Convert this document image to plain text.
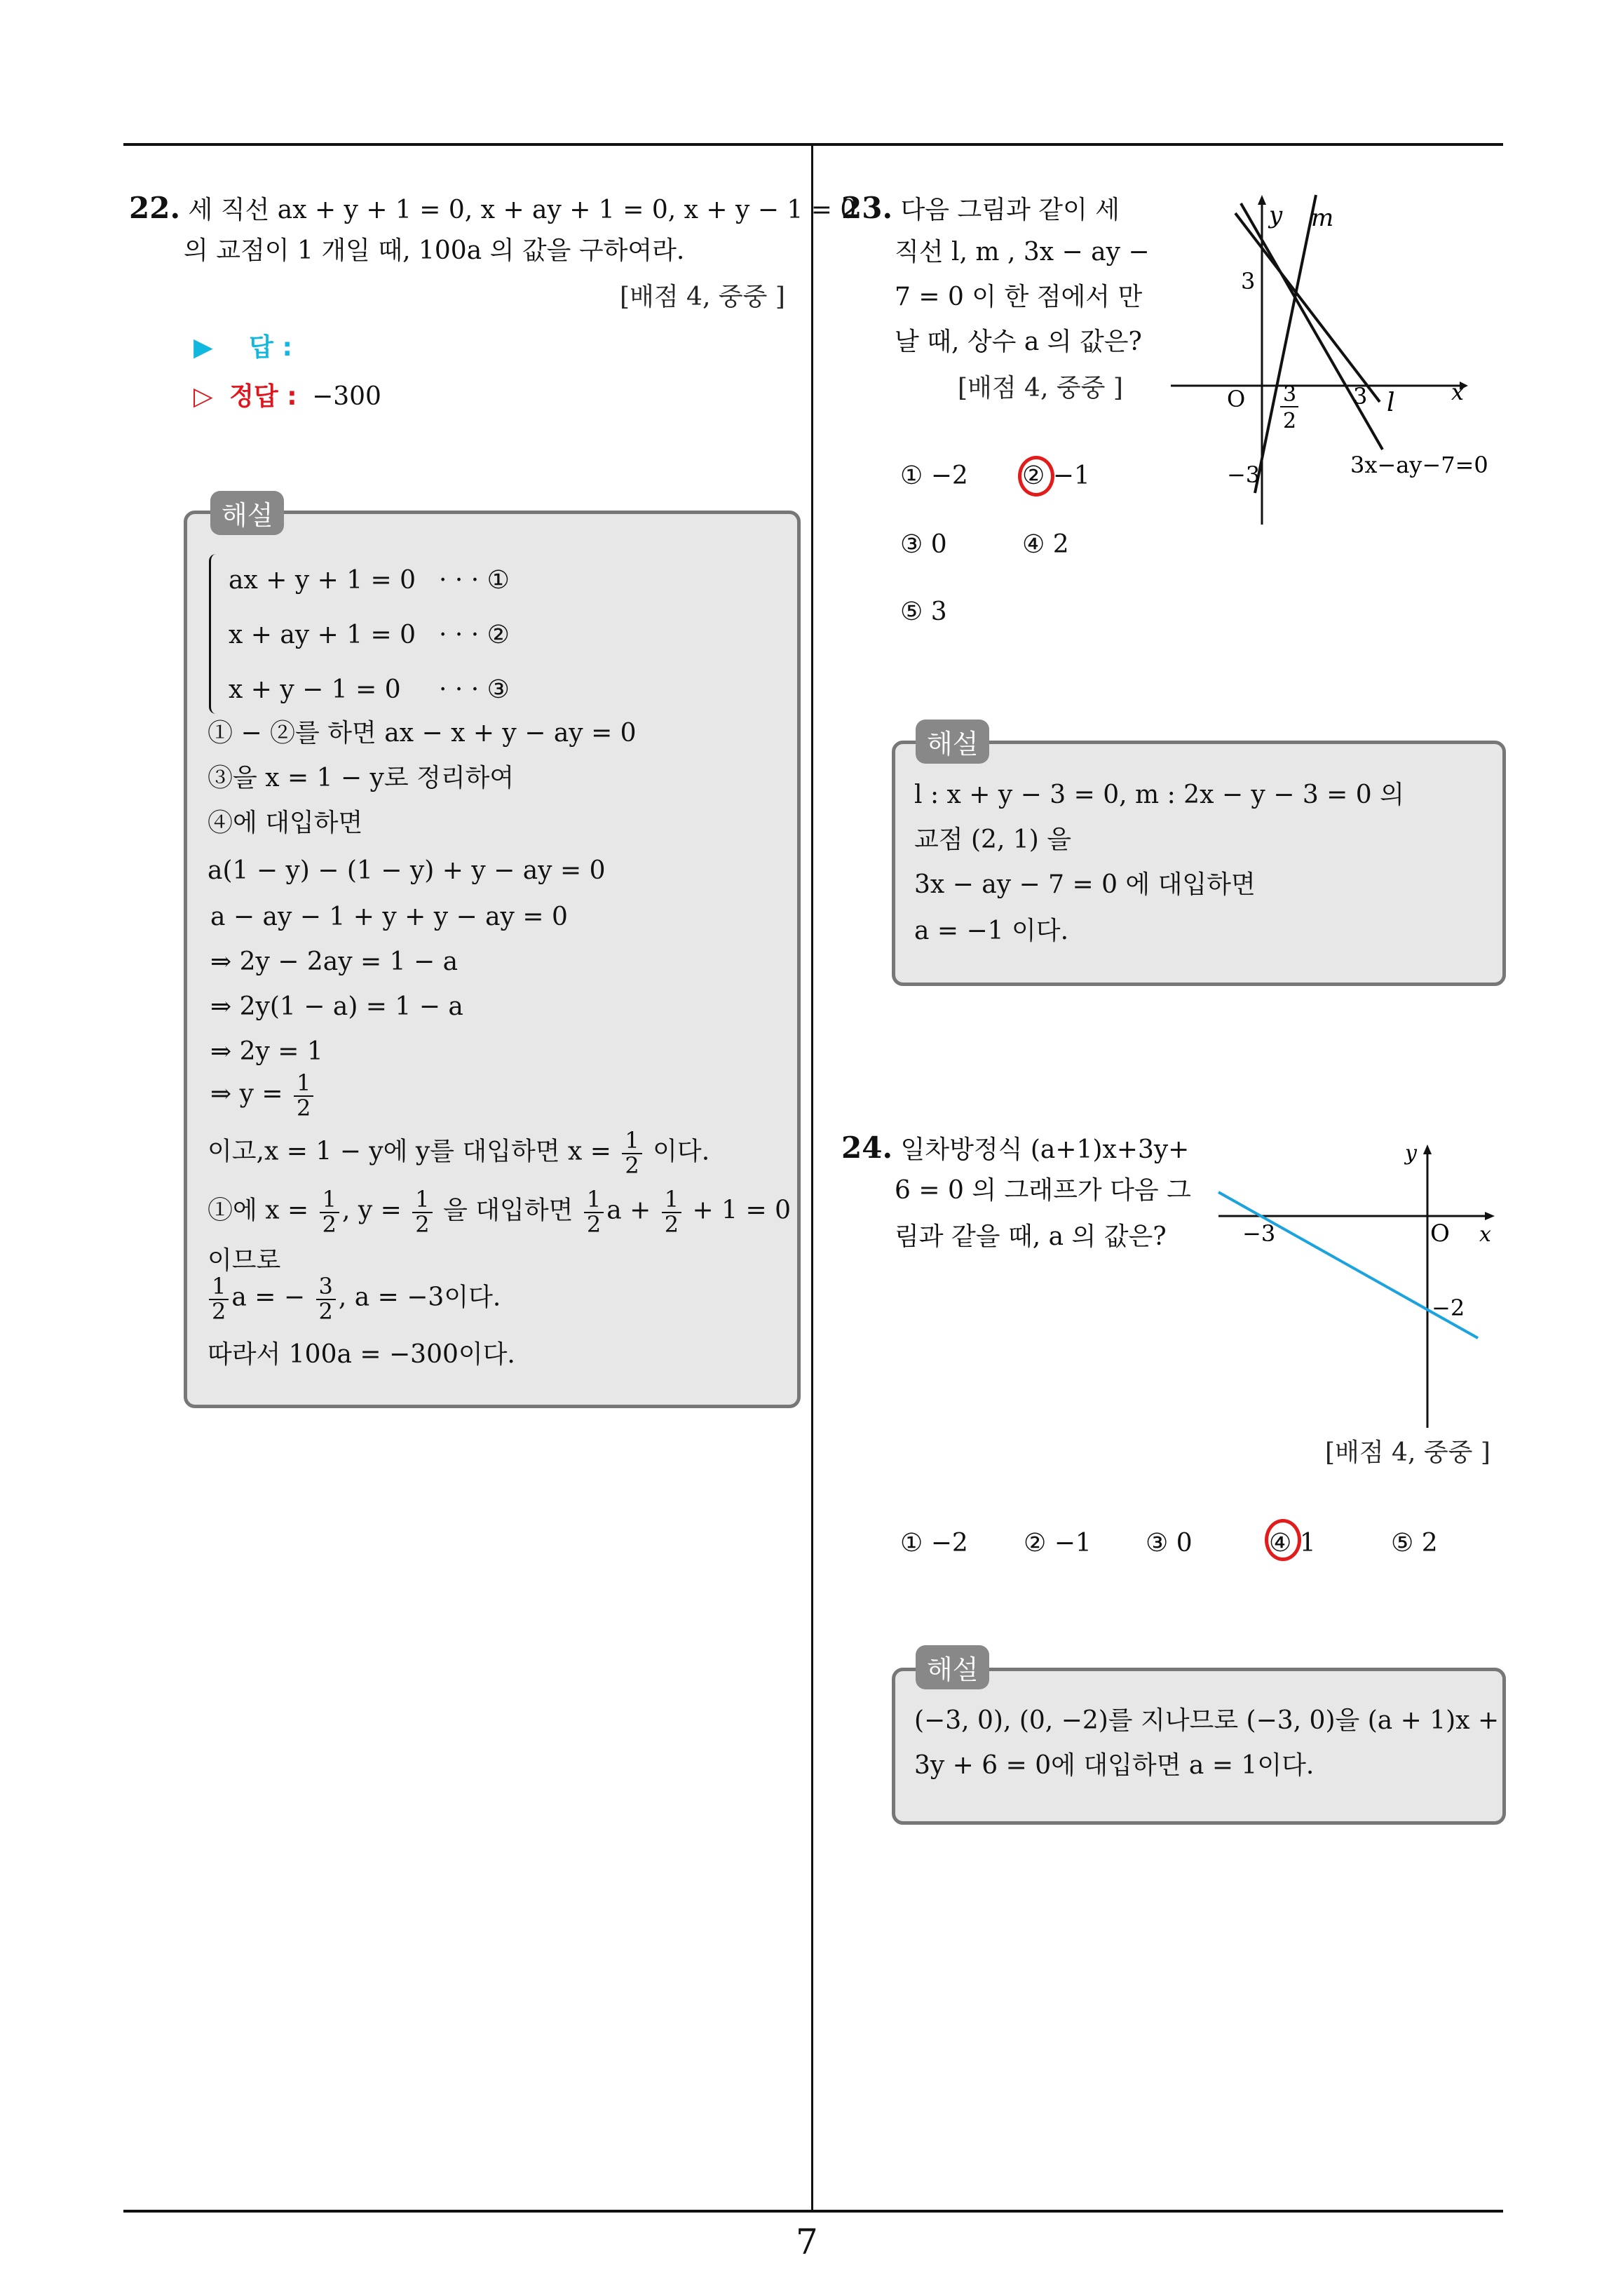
7
22. 세 직선 ax + y + 1 = 0, x + ay + 1 = 0, x + y − 1 = 0
의 교점이 1 개일 때, 100a 의 값을 구하여라.
[배점 4, 중중 ]
▶ 답 :
▷ 정답 : −300
해설
ax + y + 1 = 0 · · · ①
x + ay + 1 = 0 · · · ②
x + y − 1 = 0 · · · ③
① − ②를 하면 ax − x + y − ay = 0
③을 x = 1 − y로 정리하여
④에 대입하면
a(1 − y) − (1 − y) + y − ay = 0
a − ay − 1 + y + y − ay = 0
⇒ 2y − 2ay = 1 − a
⇒ 2y(1 − a) = 1 − a
⇒ 2y = 1
⇒ $y = \frac{1}{2}$
이고,x = 1 − y에 y를 대입하면 $x = \frac{1}{2}$ 이다.
①에 $x = \frac{1}{2}$ , $y = \frac{1}{2}$ 을 대입하면 $\frac{1}{2}$ $a + \frac{1}{2} + 1 = 0$
이므로
$\frac{1}{2}$ a = − $\frac{3}{2}$ , a = −3이다.
따라서 100a = −300이다.
23. 다음 그림과 같이 세
직선 l, m , 3x − ay −
7 = 0 이 한 점에서 만
날 때, 상수 a 의 값은?
[배점 4, 중중 ]
y m
3
O 3
2
3 l	x
−3	3x−ay−7=0
① −2 ② −1
③ 0	④ 2
⑤ 3
해설
l : x + y − 3 = 0, m : 2x − y − 3 = 0 의
교점 (2, 1) 을
3x − ay − 7 = 0 에 대입하면
a = −1 이다.
24. 일차방정식 (a+1)x+3y+
6 = 0 의 그래프가 다음 그
림과 같을 때, a 의 값은?
y
−3	O x
−2
[배점 4, 중중 ]
① −2 ② −1 ③ 0	④ 1	⑤ 2
해설
(−3, 0), (0, −2)를 지나므로 (−3, 0)을 (a + 1)x +
3y + 6 = 0에 대입하면 a = 1이다.
